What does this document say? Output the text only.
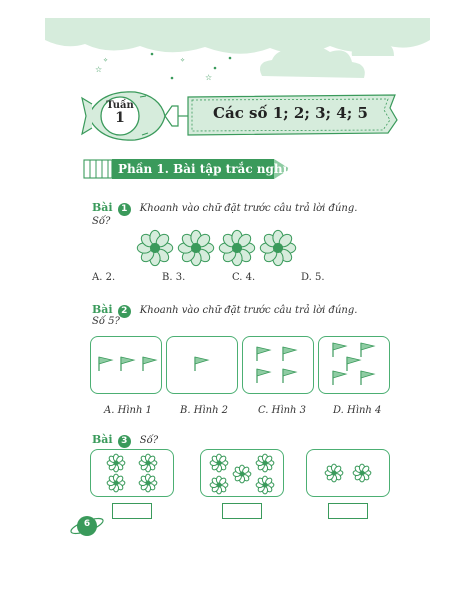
☆
✧
☆
✧
Tuần
1	Các số 1; 2; 3; 4; 5
Phần 1. Bài tập trắc nghiệm
Bài 1 Khoanh vào chữ đặt trước câu trả lời đúng.
Số?
A. 2.	B. 3.	C. 4.	D. 5.
Bài 2 Khoanh vào chữ đặt trước câu trả lời đúng.
Số 5?
A. Hình 1	B. Hình 2	C. Hình 3	D. Hình 4
Bài 3 Số?
6
